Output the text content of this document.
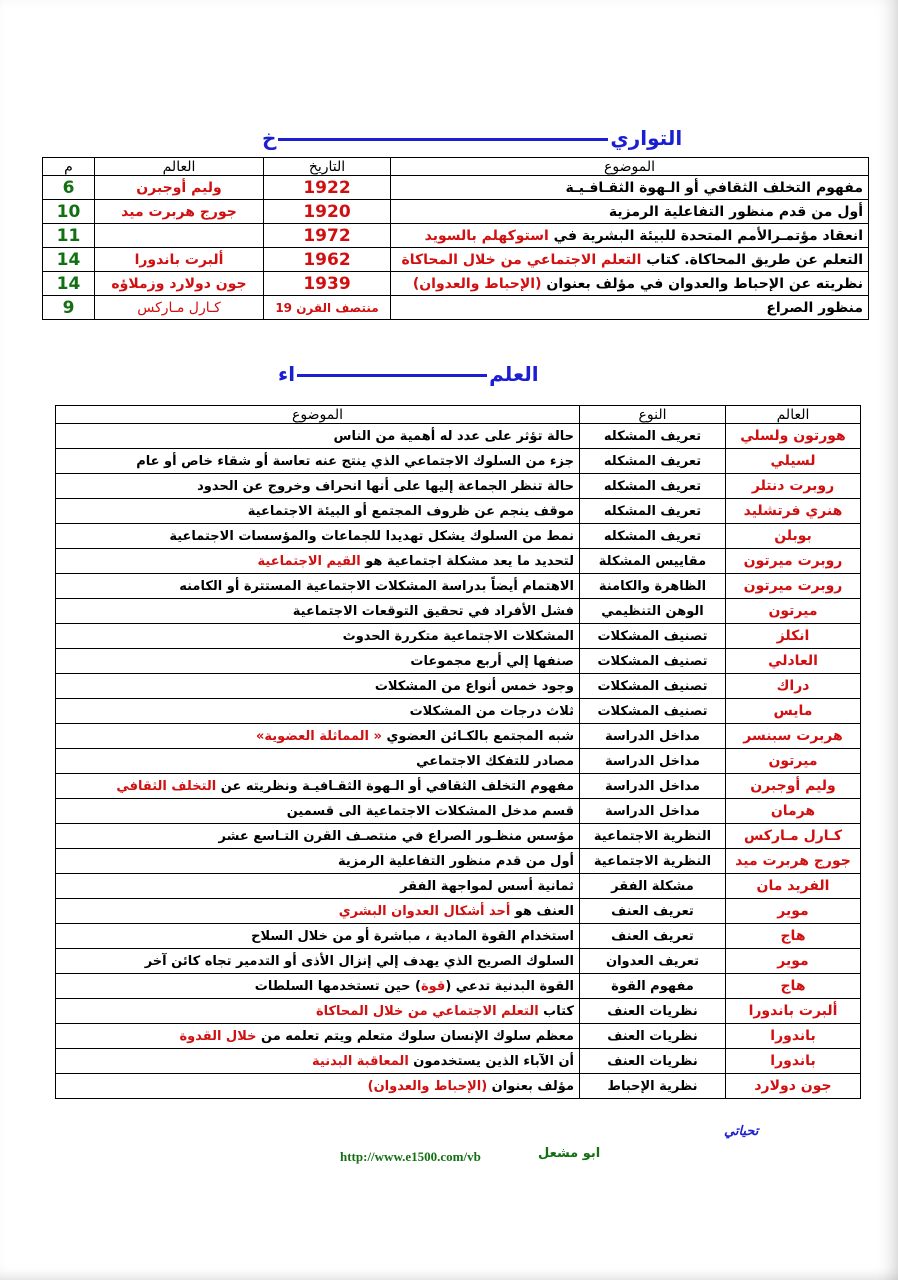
التواريخ
الموضوع	التاريخ	العالم	م
مفهوم التخلف الثقافي أو الـهوة الثقـافـيـة	1922	وليم أوجبرن	6
أول من قدم منظور التفاعلية الرمزية	1920	جورج هربرت ميد	10
انعقاد مؤتمـرالأمم المتحدة للبيئة البشرية في استوكهلم بالسويد	1972		11
التعلم عن طريق المحاكاة. كتاب التعلم الاجتماعي من خلال المحاكاة	1962	ألبرت باندورا	14
نظريته عن الإحباط والعدوان في مؤلف بعنوان (الإحباط والعدوان)	1939	جون دولارد وزملاؤه	14
منظور الصراع	منتصف القرن 19	كـارل مـاركس	9
العلماء
العالم	النوع	الموضوع
هورتون ولسلي	تعريف المشكله	حالة تؤثر على عدد له أهمية من الناس
لسيلي	تعريف المشكله	جزء من السلوك الاجتماعي الذي ينتج عنه تعاسة أو شقاء خاص أو عام
روبرت دنتلر	تعريف المشكله	حالة تنظر الجماعة إليها على أنها انحراف وخروج عن الحدود
هنري فرتشليد	تعريف المشكله	موقف ينجم عن ظروف المجتمع أو البيئة الاجتماعية
بوبلن	تعريف المشكله	نمط من السلوك يشكل تهديدا للجماعات والمؤسسات الاجتماعية
روبرت ميرتون	مقاييس المشكلة	لتحديد ما يعد مشكلة اجتماعية هو القيم الاجتماعية
روبرت ميرتون	الظاهرة والكامنة	الاهتمام أيضاً بدراسة المشكلات الاجتماعية المستترة أو الكامنه
ميرتون	الوهن التنظيمي	فشل الأفراد في تحقيق التوقعات الاجتماعية
انكلز	تصنيف المشكلات	المشكلات الاجتماعية متكررة الحدوث
العادلي	تصنيف المشكلات	صنفها إلي أربع مجموعات
دراك	تصنيف المشكلات	وجود خمس أنواع من المشكلات
مايس	تصنيف المشكلات	ثلاث درجات من المشكلات
هربرت سبنسر	مداخل الدراسة	شبه المجتمع بالكـائن العضوي « المماثلة العضوية»
ميرتون	مداخل الدراسة	مصادر للتفكك الاجتماعي
وليم أوجبرن	مداخل الدراسة	مفهوم التخلف الثقافي أو الـهوة الثقـافيـة ونظريته عن التخلف الثقافي
هرمان	مداخل الدراسة	قسم مدخل المشكلات الاجتماعية الى قسمين
كـارل مـاركس	النظرية الاجتماعية	مؤسس منظـور الصراع في منتصـف القرن التـاسع عشر
جورج هربرت ميد	النظرية الاجتماعية	أول من قدم منظور التفاعلية الرمزية
الفريد مان	مشكلة الفقر	ثمانية أسس لمواجهة الفقر
موير	تعريف العنف	العنف هو أحد أشكال العدوان البشري
هاج	تعريف العنف	استخدام القوة المادية ، مباشرة أو من خلال السلاح
موير	تعريف العدوان	السلوك الصريح الذي يهدف إلي إنزال الأذى أو التدمير تجاه كائن آخر
هاج	مفهوم القوة	القوة البدنية تدعي (قوة) حين تستخدمها السلطات
ألبرت باندورا	نظريات العنف	كتاب التعلم الاجتماعي من خلال المحاكاة
باندورا	نظريات العنف	معظم سلوك الإنسان سلوك متعلم ويتم تعلمه من خلال القدوة
باندورا	نظريات العنف	أن الآباء الذين يستخدمون المعاقبة البدنية
جون دولارد	نظرية الإحباط	مؤلف بعنوان (الإحباط والعدوان)
تحياتي
ابو مشعل
http://www.e1500.com/vb
